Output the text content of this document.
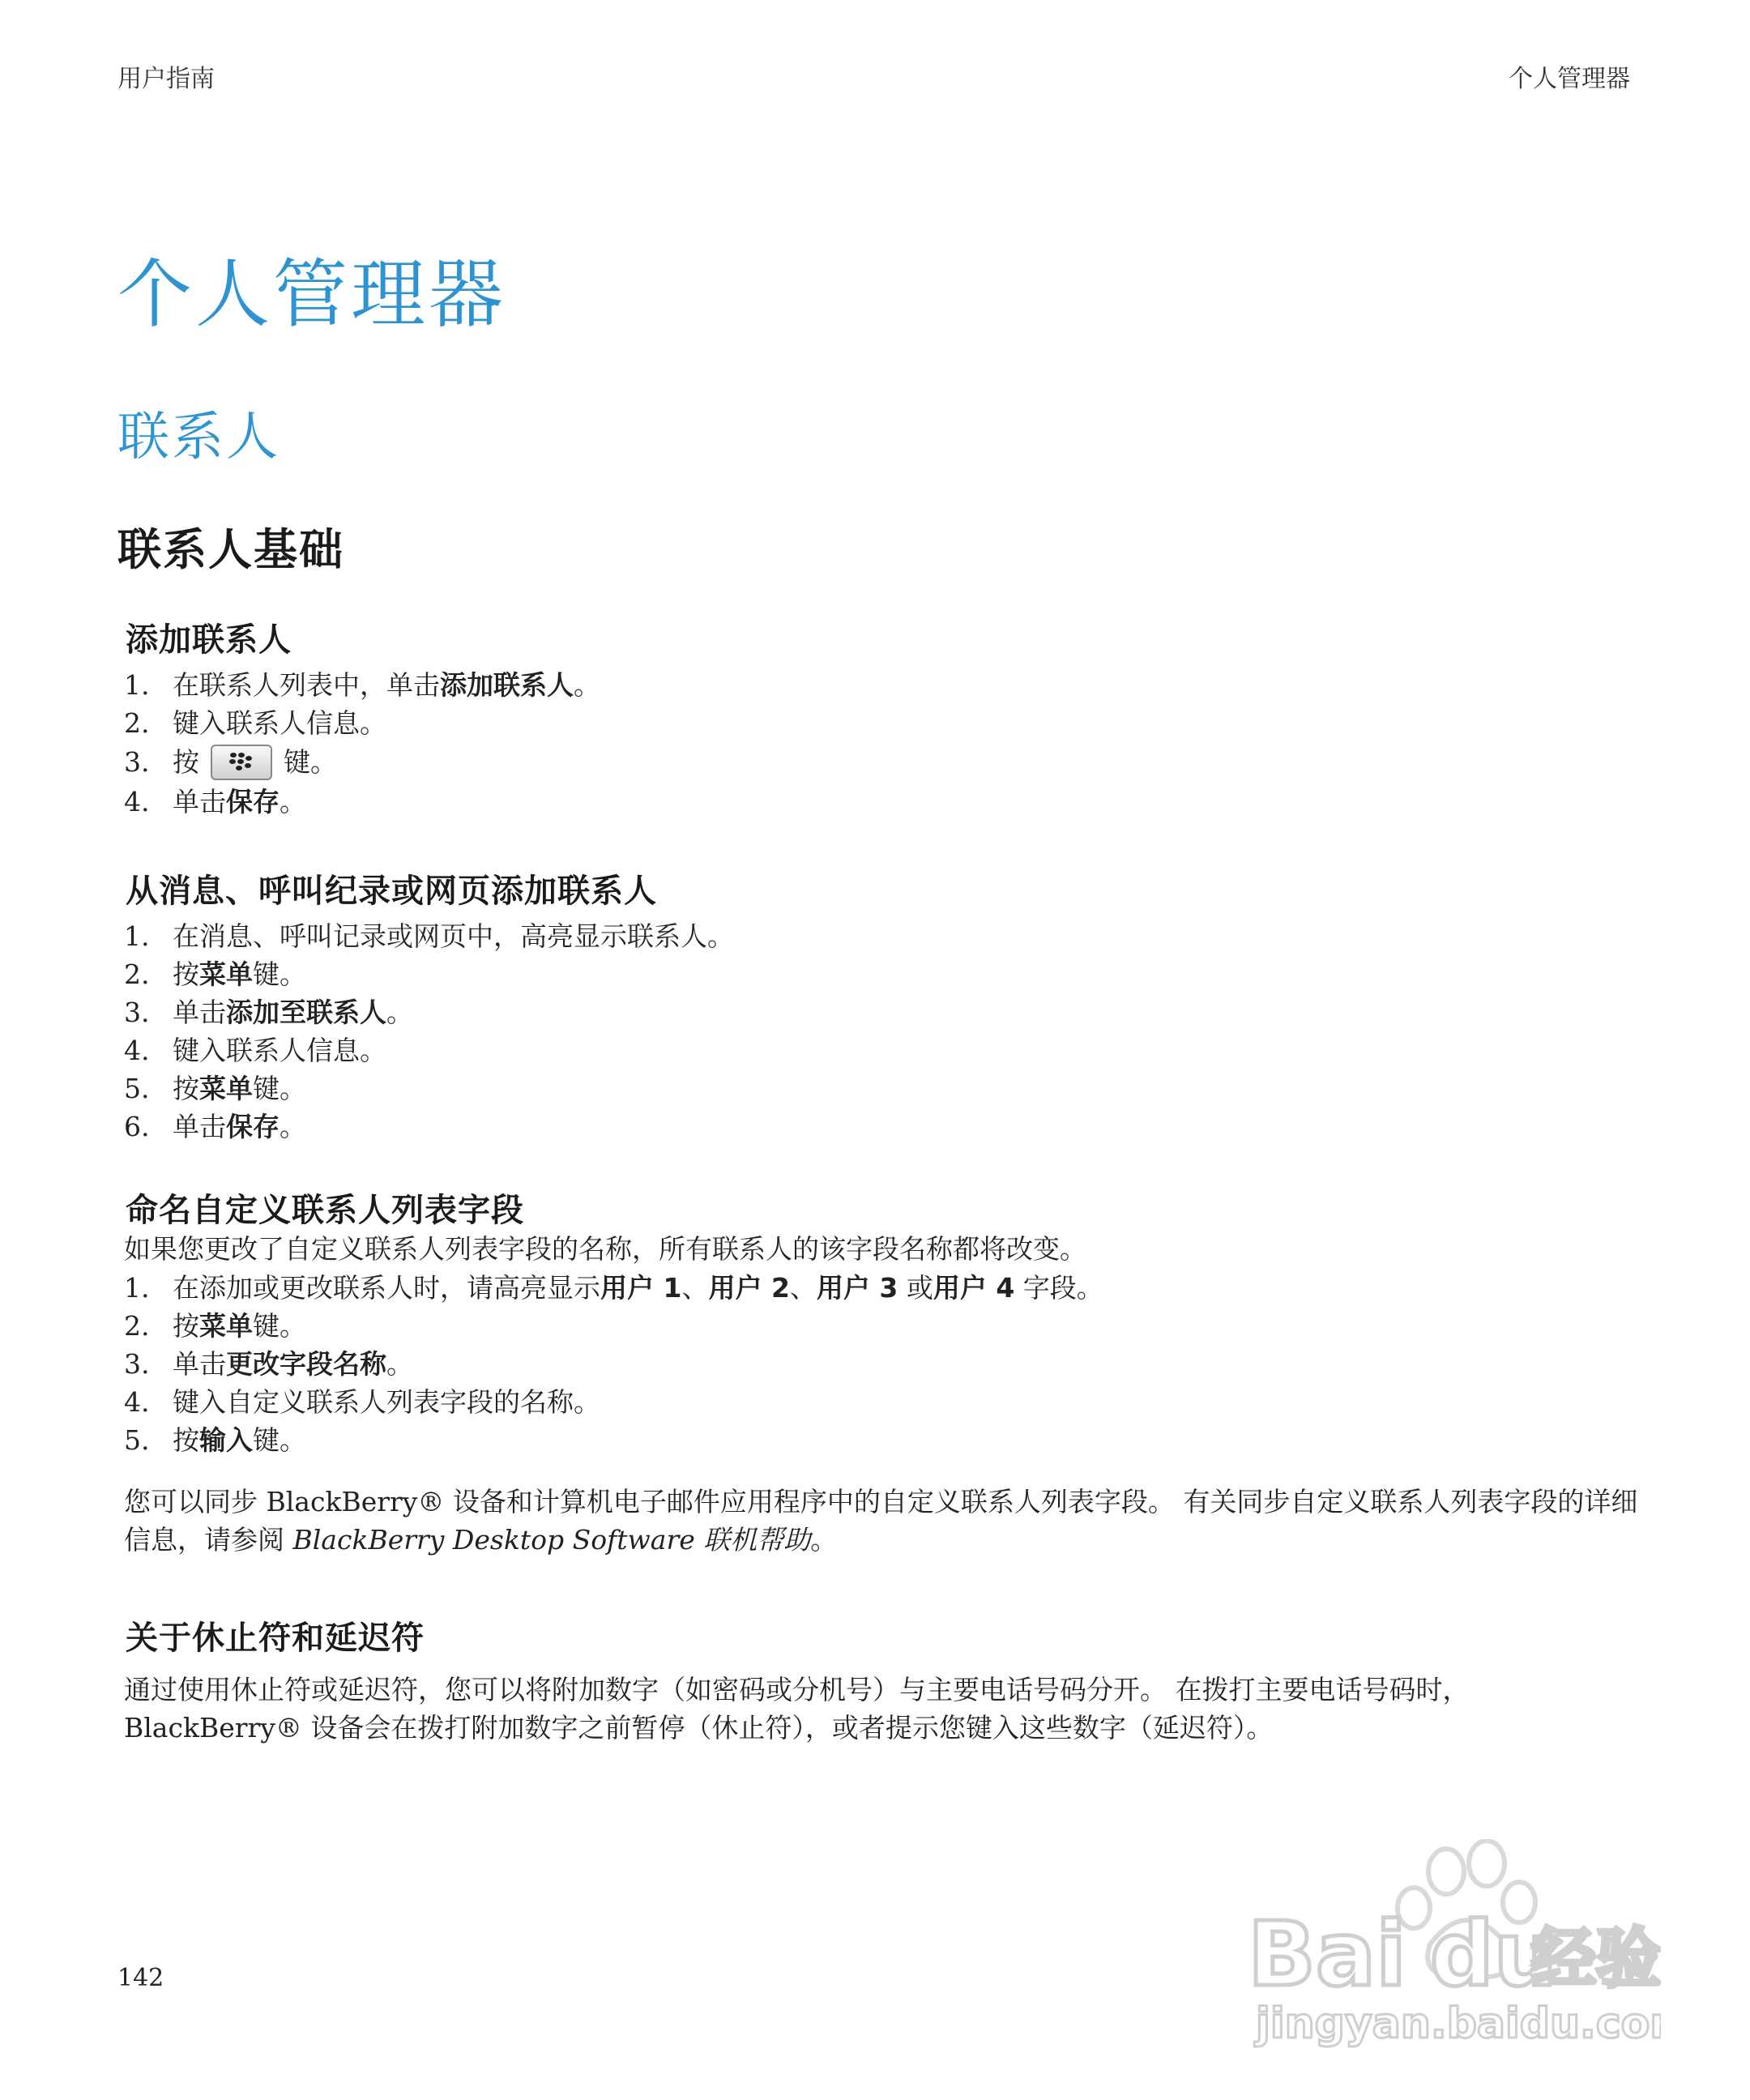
用户指南	个人管理器
个人管理器
联系人
联系人基础
添加联系人
1. 在联系人列表中，单击添加联系人。
2. 键入联系人信息。
3. 按	键。
4. 单击保存。
从消息、呼叫纪录或网页添加联系人
1. 在消息、呼叫记录或网页中，高亮显示联系人。
2. 按菜单键。
3. 单击添加至联系人。
4. 键入联系人信息。
5. 按菜单键。
6. 单击保存。
命名自定义联系人列表字段

如果您更改了自定义联系人列表字段的名称，所有联系人的该字段名称都将改变。

1. 在添加或更改联系人时，请高亮显示用户 1、用户 2、用户 3 或用户 4 字段。
2. 按菜单键。
3. 单击更改字段名称。
4. 键入自定义联系人列表字段的名称。
5. 按输入键。

您可以同步 BlackBerry® 设备和计算机电子邮件应用程序中的自定义联系人列表字段。 有关同步自定义联系人列表字段的详细信息，请参阅 BlackBerry Desktop Software 联机帮助。

关于休止符和延迟符

通过使用休止符或延迟符，您可以将附加数字（如密码或分机号）与主要电话号码分开。 在拨打主要电话号码时，BlackBerry® 设备会在拨打附加数字之前暂停（休止符），或者提示您键入这些数字（延迟符）。

142	Bai du
经验
jingyan.baidu.com
